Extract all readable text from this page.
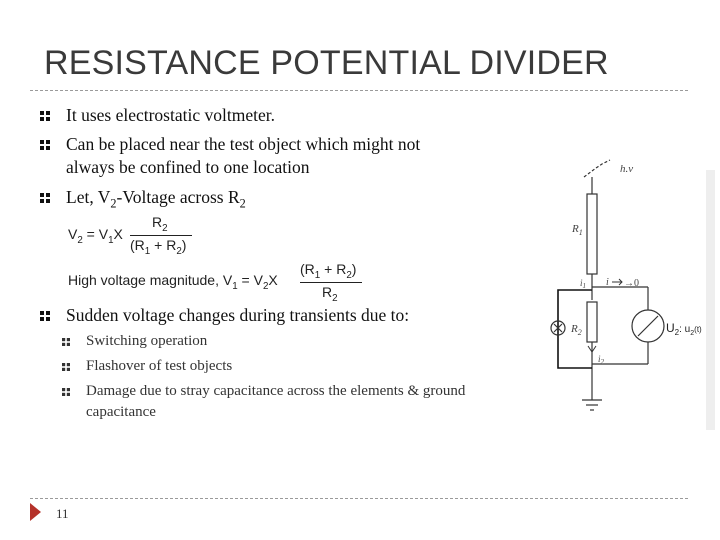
RESISTANCE POTENTIAL DIVIDER
It uses electrostatic voltmeter.
Can be placed near the test object which might not
always be confined to one location
Let, $V_2$-Voltage across $R_2$
$V_2 = V_1X$
$R_2$
$(R_1 + R_2)$
High voltage magnitude, $V_1 = V_2X$
$(R_1 + R_2)$
$R_2$
Sudden voltage changes during transients due to:
Switching operation
Flashover of test objects
Damage due to stray capacitance across the elements & ground
capacitance
h.v
$R_1$
$R_2$
$i_1$
$i_2$
i →0
$U_2^{: u}_2^{(t)}$
11
